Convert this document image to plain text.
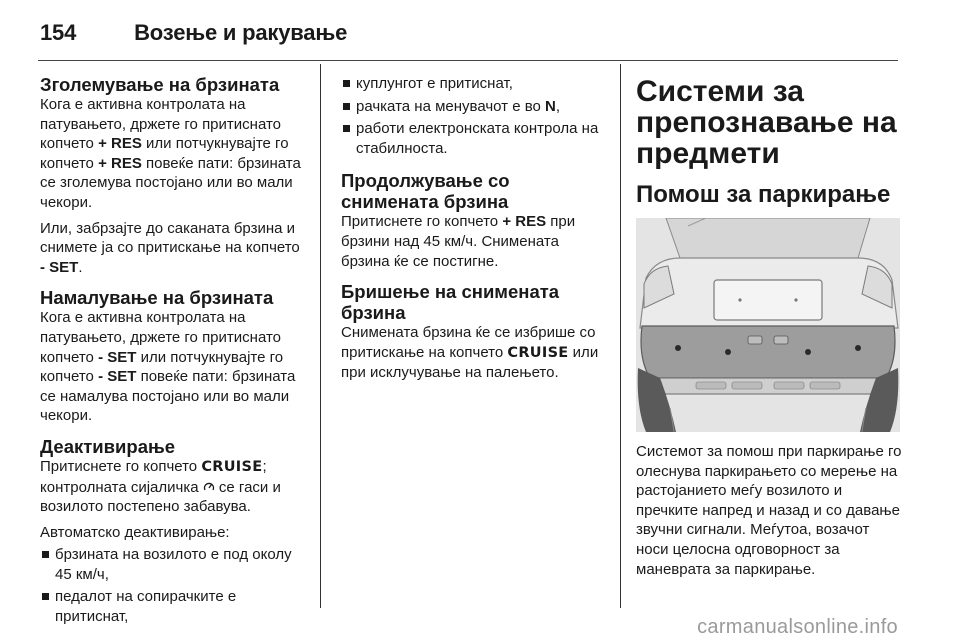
154	Возење и ракување
Зголемување на брзината

Кога е активна контролата на патувањето, држете го притиснато копчето + RES или потчукнувајте го копчето + RES повеќе пати: брзината се зголемува постојано или во мали чекори.

Или, забрзајте до саканата брзина и снимете ја со притискање на копчето - SET.

Намалување на брзината

Кога е активна контролата на патувањето, држете го притиснато копчето - SET или потчукнувајте го копчето - SET повеќе пати: брзината се намалува постојано или во мали чекори.

Деактивирање

Притиснете го копчето CRUISE; контролната сијаличка  се гаси и возилото постепено забавува.

Автоматско деактивирање:

брзината на возилото е под околу 45 км/ч,
педалот на сопирачките е притиснат,
куплунгот е притиснат,
рачката на менувачот е во N,
работи електронската контрола на стабилноста.
Продолжување со снимената брзина

Притиснете го копчето + RES при брзини над 45 км/ч. Снимената брзина ќе се постигне.

Бришење на снимената брзина

Снимената брзина ќе се избрише со притискање на копчето CRUISE или при исклучување на палењето.

Системи за препознавање на предмети
Помош за паркирање

Системот за помош при паркирање го олеснува паркирањето со мерење на растојанието меѓу возилото и пречките напред и назад и со давање звучни сигнали. Меѓутоа, возачот носи целосна одговорност за маневрата за паркирање.

carmanualsonline.info
